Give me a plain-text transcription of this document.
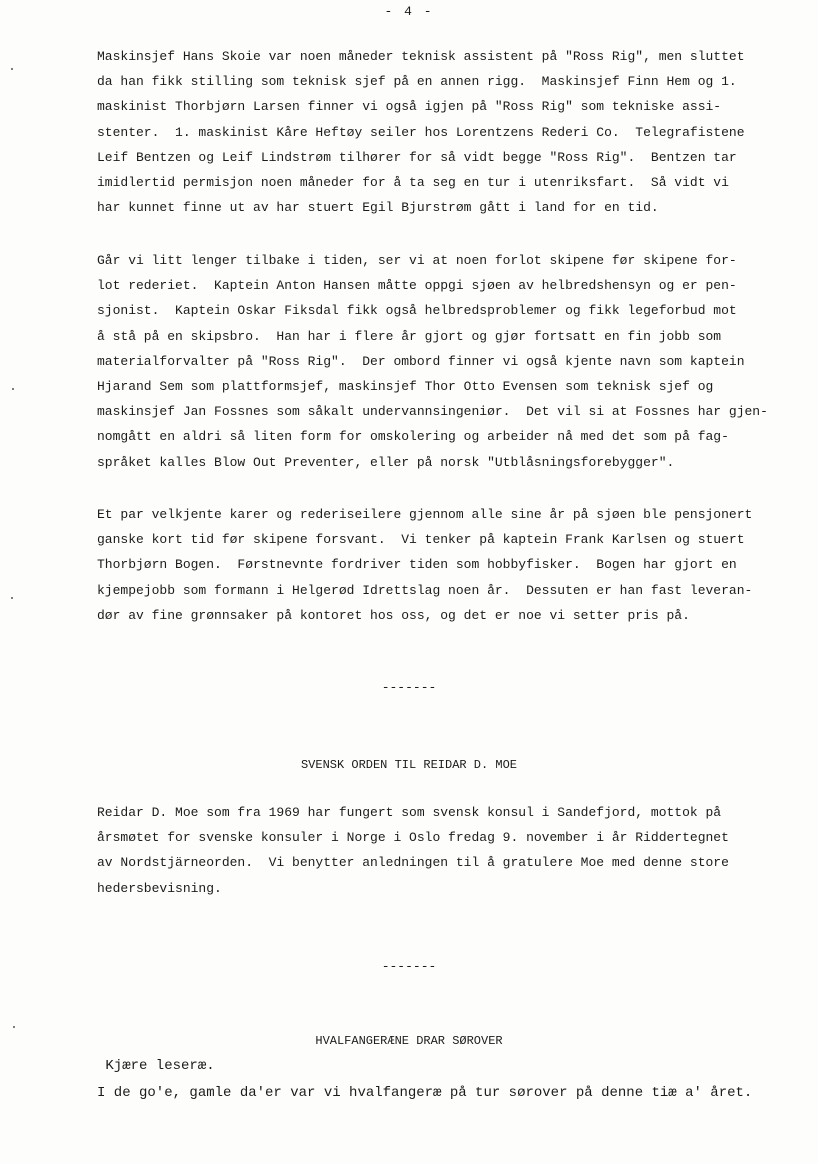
- 4 -
Maskinsjef Hans Skoie var noen måneder teknisk assistent på "Ross Rig", men sluttet
da han fikk stilling som teknisk sjef på en annen rigg.  Maskinsjef Finn Hem og 1.
maskinist Thorbjørn Larsen finner vi også igjen på "Ross Rig" som tekniske assi-
stenter.  1. maskinist Kåre Heftøy seiler hos Lorentzens Rederi Co.  Telegrafistene
Leif Bentzen og Leif Lindstrøm tilhører for så vidt begge "Ross Rig".  Bentzen tar
imidlertid permisjon noen måneder for å ta seg en tur i utenriksfart.  Så vidt vi
har kunnet finne ut av har stuert Egil Bjurstrøm gått i land for en tid.
Går vi litt lenger tilbake i tiden, ser vi at noen forlot skipene før skipene for-
lot rederiet.  Kaptein Anton Hansen måtte oppgi sjøen av helbredshensyn og er pen-
sjonist.  Kaptein Oskar Fiksdal fikk også helbredsproblemer og fikk legeforbud mot
å stå på en skipsbro.  Han har i flere år gjort og gjør fortsatt en fin jobb som
materialforvalter på "Ross Rig".  Der ombord finner vi også kjente navn som kaptein
Hjarand Sem som plattformsjef, maskinsjef Thor Otto Evensen som teknisk sjef og
maskinsjef Jan Fossnes som såkalt undervannsingeniør.  Det vil si at Fossnes har gjen-
nomgått en aldri så liten form for omskolering og arbeider nå med det som på fag-
språket kalles Blow Out Preventer, eller på norsk "Utblåsningsforebygger".
Et par velkjente karer og rederiseilere gjennom alle sine år på sjøen ble pensjonert
ganske kort tid før skipene forsvant.  Vi tenker på kaptein Frank Karlsen og stuert
Thorbjørn Bogen.  Førstnevnte fordriver tiden som hobbyfisker.  Bogen har gjort en
kjempejobb som formann i Helgerød Idrettslag noen år.  Dessuten er han fast leveran-
dør av fine grønnsaker på kontoret hos oss, og det er noe vi setter pris på.
-------
SVENSK ORDEN TIL REIDAR D. MOE
Reidar D. Moe som fra 1969 har fungert som svensk konsul i Sandefjord, mottok på
årsmøtet for svenske konsuler i Norge i Oslo fredag 9. november i år Riddertegnet
av Nordstjärneorden.  Vi benytter anledningen til å gratulere Moe med denne store
hedersbevisning.
-------
HVALFANGERÆNE DRAR SØROVER
Kjære leseræ.
I de go'e, gamle da'er var vi hvalfangeræ på tur sørover på denne tiæ a' året.
